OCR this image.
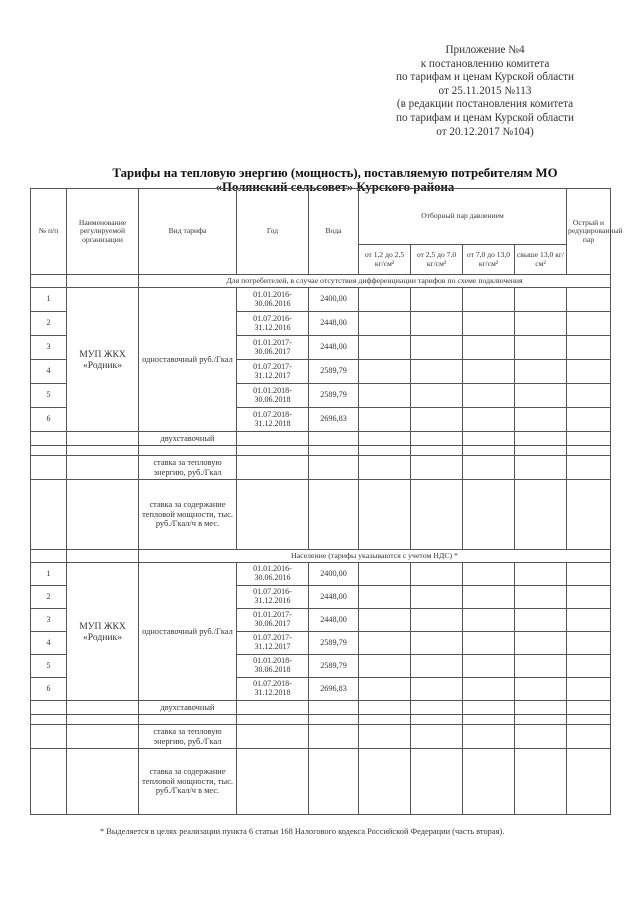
Приложение №4
к постановлению комитета
по тарифам и ценам Курской области
от 25.11.2015 №113
(в редакции постановления комитета
по тарифам и ценам Курской области
от 20.12.2017 №104)
Тарифы на тепловую энергию (мощность), поставляемую потребителям МО
«Полянский сельсовет» Курского района
№ п/п	Наименование регулируемой организации	Вид тарифа	Год	Вода	Отборный пар давлением				Острый и редуцированный пар
					от 1,2 до 2,5 кг/см²	от 2,5 до 7,0 кг/см²	от 7,0 до 13,0 кг/см²	свыше 13,0 кг/см²	
		Для потребителей, в случае отсутствия дифференциации тарифов по схеме подключения							
1	МУП ЖКХ «Родник»	одноставочный руб./Гкал	01.01.2016-30.06.2016	2400,00					
2			01.07.2016-31.12.2016	2448,00					
3			01.01.2017-30.06.2017	2448,00					
4			01.07.2017-31.12.2017	2589,79					
5			01.01.2018-30.06.2018	2589,79					
6			01.07.2018-31.12.2018	2696,83					
		двухставочный							

		ставка за тепловую энергию, руб./Гкал							
		ставка за содержание тепловой мощности, тыс. руб./Гкал/ч в мес.							
		Население (тарифы указываются с учетом НДС) *							
1	МУП ЖКХ «Родник»	одноставочный руб./Гкал	01.01.2016-30.06.2016	2400,00					
2			01.07.2016-31.12.2016	2448,00					
3			01.01.2017-30.06.2017	2448,00					
4			01.07.2017-31.12.2017	2589,79					
5			01.01.2018-30.06.2018	2589,79					
6			01.07.2018-31.12.2018	2696,83					
		двухставочный							

		ставка за тепловую энергию, руб./Гкал							
		ставка за содержание тепловой мощности, тыс. руб./Гкал/ч в мес.							
* Выделяется в целях реализации пункта 6 статьи 168 Налогового кодекса Российской Федерации (часть вторая).
